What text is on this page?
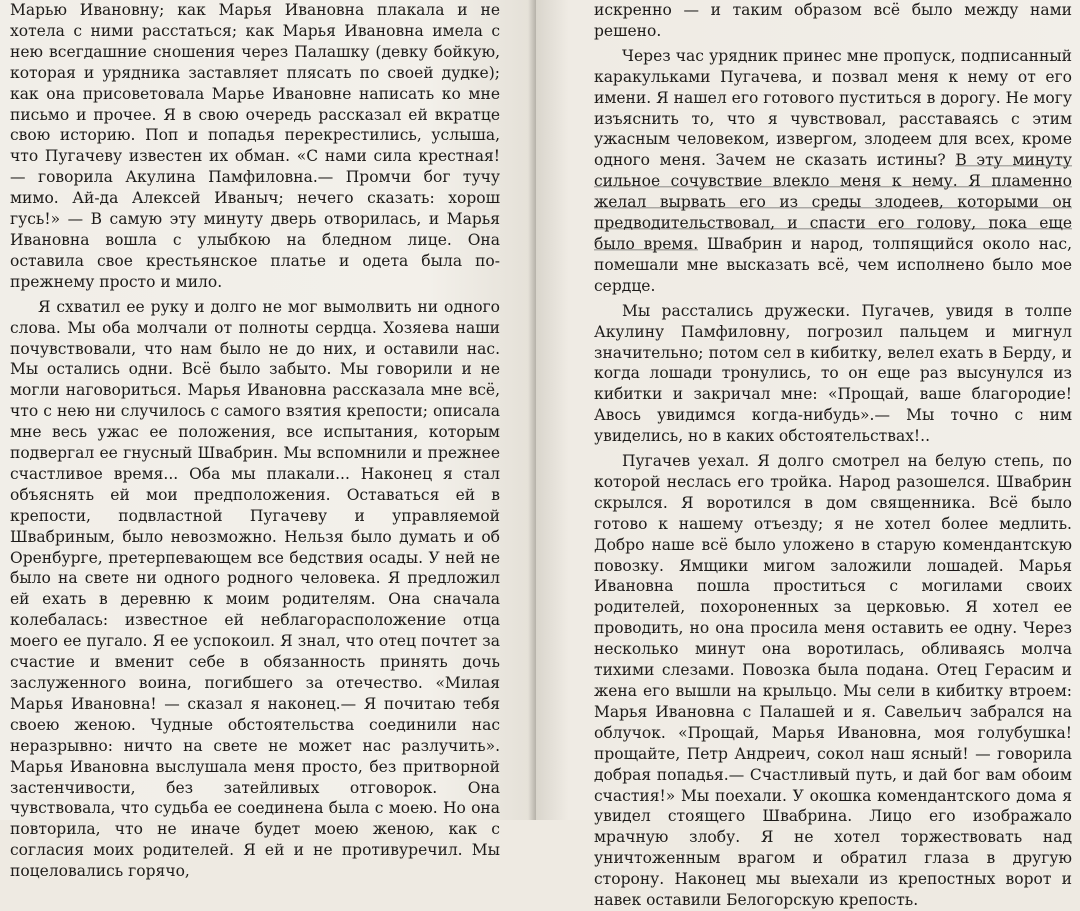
Марью Ивановну; как Марья Ивановна плакала и не хотела с ними расстаться; как Марья Ивановна имела с нею всегдашние сношения через Палашку (девку бойкую, которая и урядника заставляет плясать по своей дудке); как она присоветовала Марье Ивановне написать ко мне письмо и прочее. Я в свою очередь рассказал ей вкратце свою историю. Поп и попадья перекрестились, услыша, что Пугачеву известен их обман. «С нами сила крестная! — говорила Акулина Памфиловна.— Промчи бог тучу мимо. Ай-да Алексей Иваныч; нечего сказать: хорош гусь!» — В самую эту минуту дверь отворилась, и Марья Ивановна вошла с улыбкою на бледном лице. Она оставила свое крестьянское платье и одета была по-прежнему просто и мило.

Я схватил ее руку и долго не мог вымолвить ни одного слова. Мы оба молчали от полноты сердца. Хозяева наши почувствовали, что нам было не до них, и оставили нас. Мы остались одни. Всё было забыто. Мы говорили и не могли наговориться. Марья Ивановна рассказала мне всё, что с нею ни случилось с самого взятия крепости; описала мне весь ужас ее положения, все испытания, которым подвергал ее гнусный Швабрин. Мы вспомнили и прежнее счастливое время... Оба мы плакали... Наконец я стал объяснять ей мои предположения. Оставаться ей в крепости, подвластной Пугачеву и управляемой Швабриным, было невозможно. Нельзя было думать и об Оренбурге, претерпевающем все бедствия осады. У ней не было на свете ни одного родного человека. Я предложил ей ехать в деревню к моим родителям. Она сначала колебалась: известное ей неблагорасположение отца моего ее пугало. Я ее успокоил. Я знал, что отец почтет за счастие и вменит себе в обязанность принять дочь заслуженного воина, погибшего за отечество. «Милая Марья Ивановна! — сказал я наконец.— Я почитаю тебя своею женою. Чудные обстоятельства соединили нас неразрывно: ничто на свете не может нас разлучить». Марья Ивановна выслушала меня просто, без притворной застенчивости, без затейливых отговорок. Она чувствовала, что судьба ее соединена была с моею. Но она повторила, что не иначе будет моею женою, как с согласия моих родителей. Я ей и не противуречил. Мы поцеловались горячо,

искренно — и таким образом всё было между нами решено.

Через час урядник принес мне пропуск, подписанный каракульками Пугачева, и позвал меня к нему от его имени. Я нашел его готового пуститься в дорогу. Не могу изъяснить то, что я чувствовал, расставаясь с этим ужасным человеком, извергом, злодеем для всех, кроме одного меня. Зачем не сказать истины? В эту минуту сильное сочувствие влекло меня к нему. Я пламенно желал вырвать его из среды злодеев, которыми он предводительствовал, и спасти его голову, пока еще было время. Швабрин и народ, толпящийся около нас, помешали мне высказать всё, чем исполнено было мое сердце.

Мы расстались дружески. Пугачев, увидя в толпе Акулину Памфиловну, погрозил пальцем и мигнул значительно; потом сел в кибитку, велел ехать в Берду, и когда лошади тронулись, то он еще раз высунулся из кибитки и закричал мне: «Прощай, ваше благородие! Авось увидимся когда-нибудь».— Мы точно с ним увиделись, но в каких обстоятельствах!..

Пугачев уехал. Я долго смотрел на белую степь, по которой неслась его тройка. Народ разошелся. Швабрин скрылся. Я воротился в дом священника. Всё было готово к нашему отъезду; я не хотел более медлить. Добро наше всё было уложено в старую комендантскую повозку. Ямщики мигом заложили лошадей. Марья Ивановна пошла проститься с могилами своих родителей, похороненных за церковью. Я хотел ее проводить, но она просила меня оставить ее одну. Через несколько минут она воротилась, обливаясь молча тихими слезами. Повозка была подана. Отец Герасим и жена его вышли на крыльцо. Мы сели в кибитку втроем: Марья Ивановна с Палашей и я. Савельич забрался на облучок. «Прощай, Марья Ивановна, моя голубушка! прощайте, Петр Андреич, сокол наш ясный! — говорила добрая попадья.— Счастливый путь, и дай бог вам обоим счастия!» Мы поехали. У окошка комендантского дома я увидел стоящего Швабрина. Лицо его изображало мрачную злобу. Я не хотел торжествовать над уничтоженным врагом и обратил глаза в другую сторону. Наконец мы выехали из крепостных ворот и навек оставили Белогорскую крепость.
